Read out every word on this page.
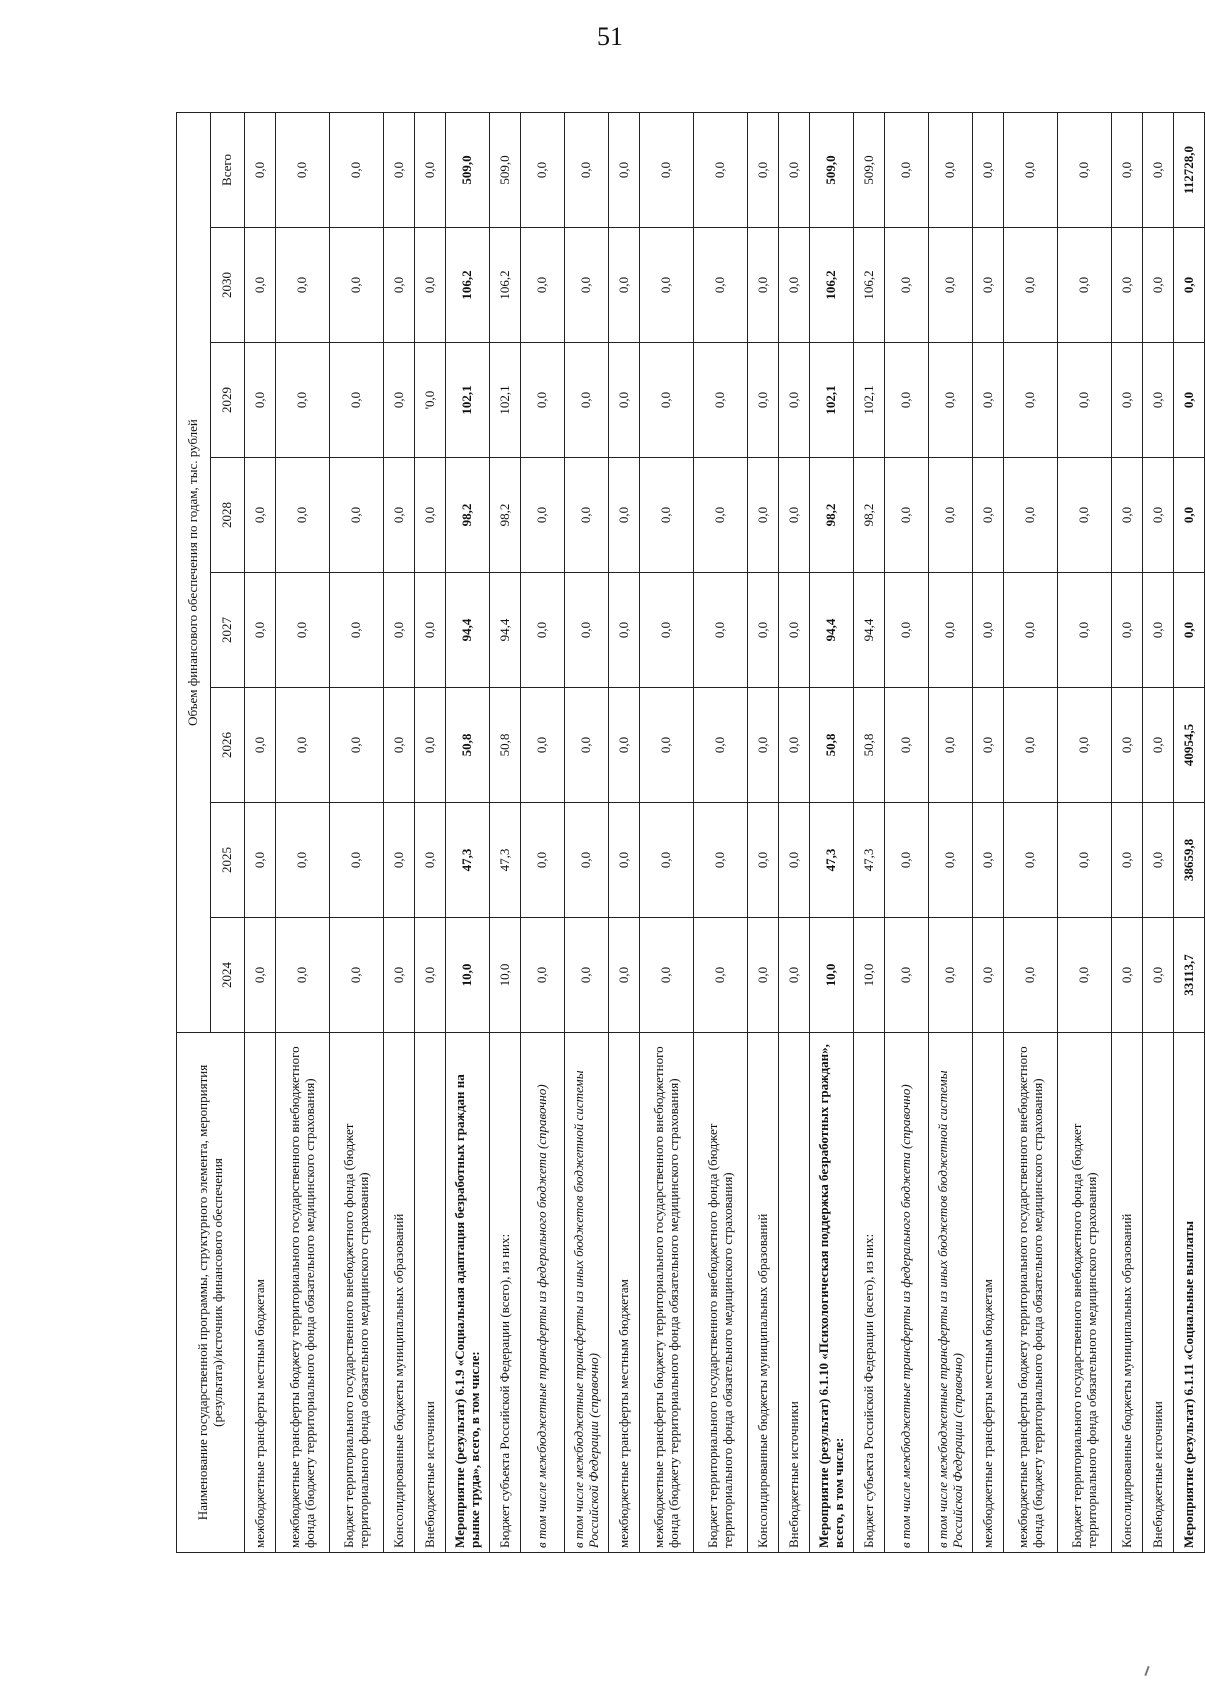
51
Наименование государственной программы, структурного элемента, мероприятия (результата)/источник финансового обеспечения	Объем финансового обеспечения по годам, тыс. рублей							
	2024	2025	2026	2027	2028	2029	2030	Всего
межбюджетные трансферты местным бюджетам	0,0	0,0	0,0	0,0	0,0	0,0	0,0	0,0
межбюджетные трансферты бюджету территориального государственного внебюджетного фонда (бюджету территориального фонда обязательного медицинского страхования)	0,0	0,0	0,0	0,0	0,0	0,0	0,0	0,0
Бюджет территориального государственного внебюджетного фонда (бюджет территориального фонда обязательного медицинского страхования)	0,0	0,0	0,0	0,0	0,0	0,0	0,0	0,0
Консолидированные бюджеты муниципальных образований	0,0	0,0	0,0	0,0	0,0	0,0	0,0	0,0
Внебюджетные источники	0,0	0,0	0,0	0,0	0,0	'0,0	0,0	0,0
Мероприятие (результат) 6.1.9 «Социальная адаптация безработных граждан на рынке труда», всего, в том числе:	10,0	47,3	50,8	94,4	98,2	102,1	106,2	509,0
Бюджет субъекта Российской Федерации (всего), из них:	10,0	47,3	50,8	94,4	98,2	102,1	106,2	509,0
в том числе межбюджетные трансферты из федерального бюджета (справочно)	0,0	0,0	0,0	0,0	0,0	0,0	0,0	0,0
в том числе межбюджетные трансферты из иных бюджетов бюджетной системы Российской Федерации (справочно)	0,0	0,0	0,0	0,0	0,0	0,0	0,0	0,0
межбюджетные трансферты местным бюджетам	0,0	0,0	0,0	0,0	0,0	0,0	0,0	0,0
межбюджетные трансферты бюджету территориального государственного внебюджетного фонда (бюджету территориального фонда обязательного медицинского страхования)	0,0	0,0	0,0	0,0	0,0	0,0	0,0	0,0
Бюджет территориального государственного внебюджетного фонда (бюджет территориального фонда обязательного медицинского страхования)	0,0	0,0	0,0	0,0	0,0	0,0	0,0	0,0
Консолидированные бюджеты муниципальных образований	0,0	0,0	0,0	0,0	0,0	0,0	0,0	0,0
Внебюджетные источники	0,0	0,0	0,0	0,0	0,0	0,0	0,0	0,0
Мероприятие (результат) 6.1.10 «Психологическая поддержка безработных граждан», всего, в том числе:	10,0	47,3	50,8	94,4	98,2	102,1	106,2	509,0
Бюджет субъекта Российской Федерации (всего), из них:	10,0	47,3	50,8	94,4	98,2	102,1	106,2	509,0
в том числе межбюджетные трансферты из федерального бюджета (справочно)	0,0	0,0	0,0	0,0	0,0	0,0	0,0	0,0
в том числе межбюджетные трансферты из иных бюджетов бюджетной системы Российской Федерации (справочно)	0,0	0,0	0,0	0,0	0,0	0,0	0,0	0,0
межбюджетные трансферты местным бюджетам	0,0	0,0	0,0	0,0	0,0	0,0	0,0	0,0
межбюджетные трансферты бюджету территориального государственного внебюджетного фонда (бюджету территориального фонда обязательного медицинского страхования)	0,0	0,0	0,0	0,0	0,0	0,0	0,0	0,0
Бюджет территориального государственного внебюджетного фонда (бюджет территориального фонда обязательного медицинского страхования)	0,0	0,0	0,0	0,0	0,0	0,0	0,0	0,0
Консолидированные бюджеты муниципальных образований	0,0	0,0	0,0	0,0	0,0	0,0	0,0	0,0
Внебюджетные источники	0,0	0,0	0,0	0,0	0,0	0,0	0,0	0,0
Мероприятие (результат) 6.1.11 «Социальные выплаты	33113,7	38659,8	40954,5	0,0	0,0	0,0	0,0	112728,0
